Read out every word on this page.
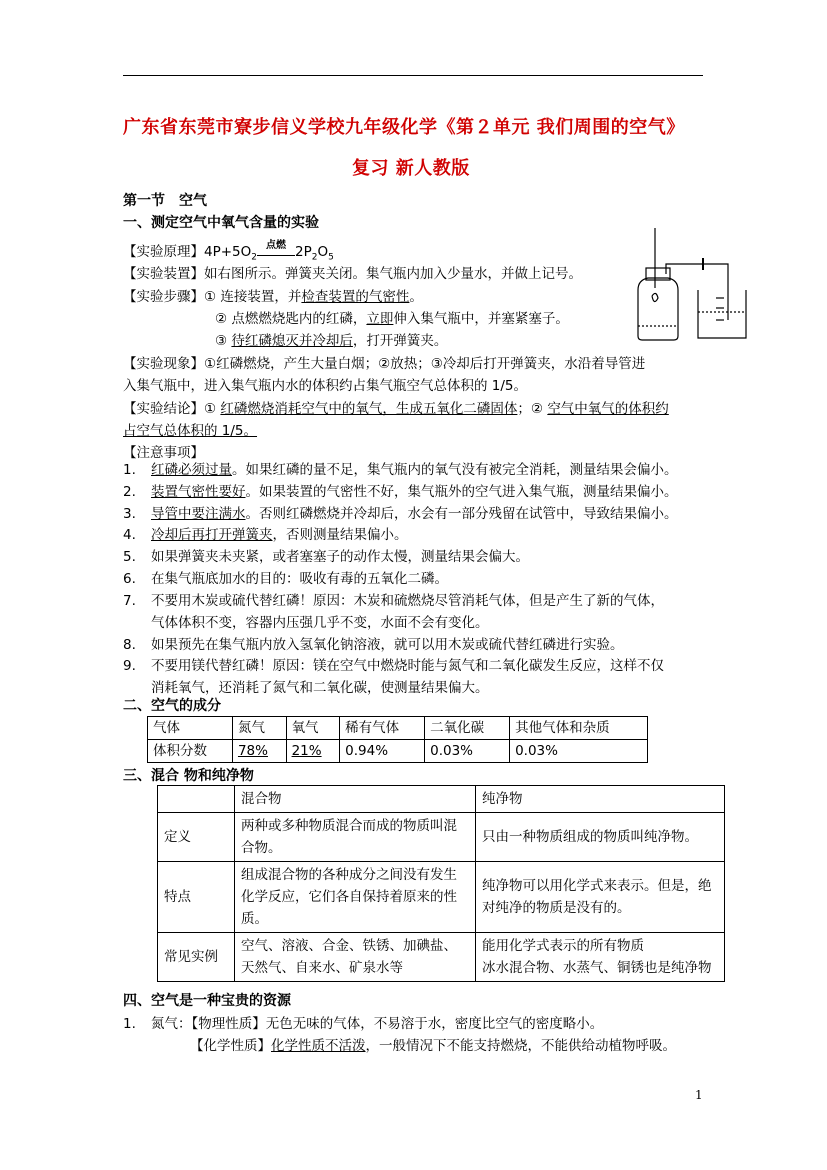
广东省东莞市寮步信义学校九年级化学《第２单元 我们周围的空气》
复习 新人教版
第一节　空气
一、测定空气中氧气含量的实验
【实验原理】$4P+5O_2$
点燃 $2P_2O_5$
【实验装置】如右图所示。弹簧夹关闭。集气瓶内加入少量水，并做上记号。
【实验步骤】① 连接装置，并检查装置的气密性。
② 点燃燃烧匙内的红磷，立即伸入集气瓶中，并塞紧塞子。
③ 待红磷熄灭并冷却后，打开弹簧夹。
【实验现象】①红磷燃烧，产生大量白烟；②放热；③冷却后打开弹簧夹，水沿着导管进
入集气瓶中，进入集气瓶内水的体积约占集气瓶空气总体积的 1/5。
【实验结论】① 红磷燃烧消耗空气中的氧气，生成五氧化二磷固体；② 空气中氧气的体积约
占空气总体积的 1/5。
【注意事项】
1. 红磷必须过量。如果红磷的量不足，集气瓶内的氧气没有被完全消耗，测量结果会偏小。
2. 装置气密性要好。如果装置的气密性不好，集气瓶外的空气进入集气瓶，测量结果偏小。
3. 导管中要注满水。否则红磷燃烧并冷却后，水会有一部分残留在试管中，导致结果偏小。
4. 冷却后再打开弹簧夹，否则测量结果偏小。
5. 如果弹簧夹未夹紧，或者塞塞子的动作太慢，测量结果会偏大。
6. 在集气瓶底加水的目的：吸收有毒的五氧化二磷。
7. 不要用木炭或硫代替红磷！原因：木炭和硫燃烧尽管消耗气体，但是产生了新的气体，
气体体积不变，容器内压强几乎不变，水面不会有变化。
8. 如果预先在集气瓶内放入氢氧化钠溶液，就可以用木炭或硫代替红磷进行实验。
9. 不要用镁代替红磷！原因：镁在空气中燃烧时能与氮气和二氧化碳发生反应，这样不仅
消耗氧气，还消耗了氮气和二氧化碳，使测量结果偏大。
二、空气的成分
气体	氮气	氧气	稀有气体	二氧化碳	其他气体和杂质
体积分数	78%	21%	0.94%	0.03%	0.03%
三、混合 物和纯净物
	混合物	纯净物
定义	两种或多种物质混合而成的物质叫混合物。	只由一种物质组成的物质叫纯净物。
特点	组成混合物的各种成分之间没有发生化学反应，它们各自保持着原来的性质。	纯净物可以用化学式来表示。但是，绝对纯净的物质是没有的。
常见实例	空气、溶液、合金、铁锈、加碘盐、天然气、自来水、矿泉水等	能用化学式表示的所有物质
冰水混合物、水蒸气、铜锈也是纯净物
四、空气是一种宝贵的资源
1. 氮气：【物理性质】无色无味的气体，不易溶于水，密度比空气的密度略小。
【化学性质】化学性质不活泼，一般情况下不能支持燃烧，不能供给动植物呼吸。
1
